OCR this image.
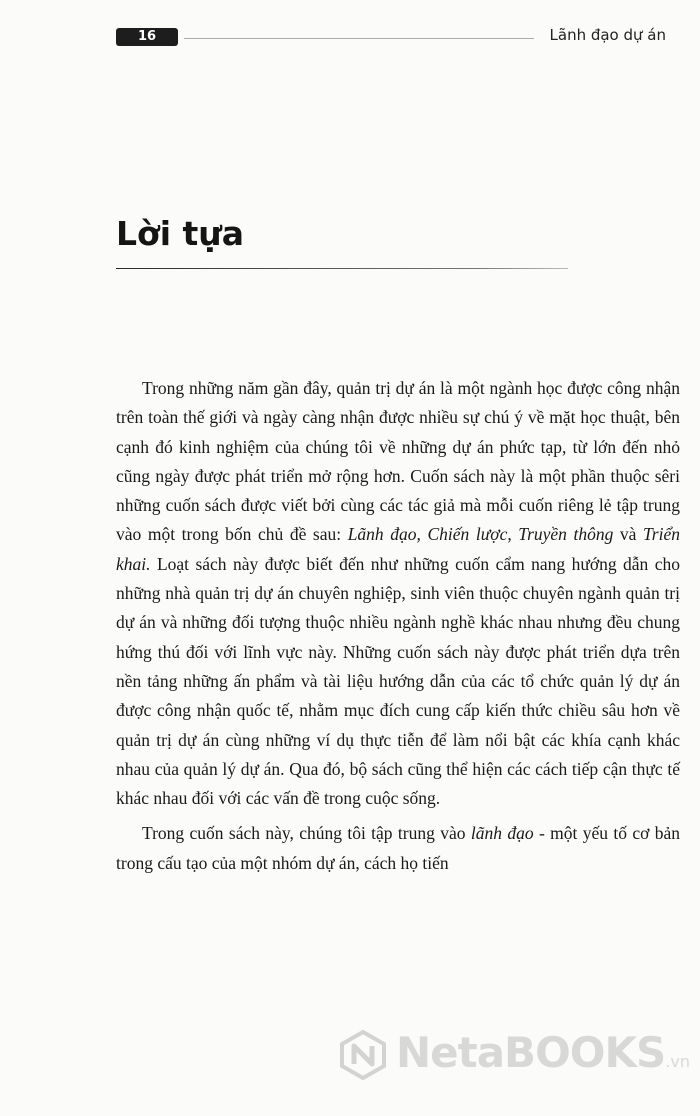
16	Lãnh đạo dự án
Lời tựa

Trong những năm gần đây, quản trị dự án là một ngành học được công nhận trên toàn thế giới và ngày càng nhận được nhiều sự chú ý về mặt học thuật, bên cạnh đó kinh nghiệm của chúng tôi về những dự án phức tạp, từ lớn đến nhỏ cũng ngày được phát triển mở rộng hơn. Cuốn sách này là một phần thuộc sêri những cuốn sách được viết bởi cùng các tác giả mà mỗi cuốn riêng lẻ tập trung vào một trong bốn chủ đề sau: Lãnh đạo, Chiến lược, Truyền thông và Triển khai. Loạt sách này được biết đến như những cuốn cẩm nang hướng dẫn cho những nhà quản trị dự án chuyên nghiệp, sinh viên thuộc chuyên ngành quản trị dự án và những đối tượng thuộc nhiều ngành nghề khác nhau nhưng đều chung hứng thú đối với lĩnh vực này. Những cuốn sách này được phát triển dựa trên nền tảng những ấn phẩm và tài liệu hướng dẫn của các tổ chức quản lý dự án được công nhận quốc tế, nhằm mục đích cung cấp kiến thức chiều sâu hơn về quản trị dự án cùng những ví dụ thực tiễn để làm nổi bật các khía cạnh khác nhau của quản lý dự án. Qua đó, bộ sách cũng thể hiện các cách tiếp cận thực tế khác nhau đối với các vấn đề trong cuộc sống.

Trong cuốn sách này, chúng tôi tập trung vào lãnh đạo - một yếu tố cơ bản trong cấu tạo của một nhóm dự án, cách họ tiến

NetaBOOKS.vn
